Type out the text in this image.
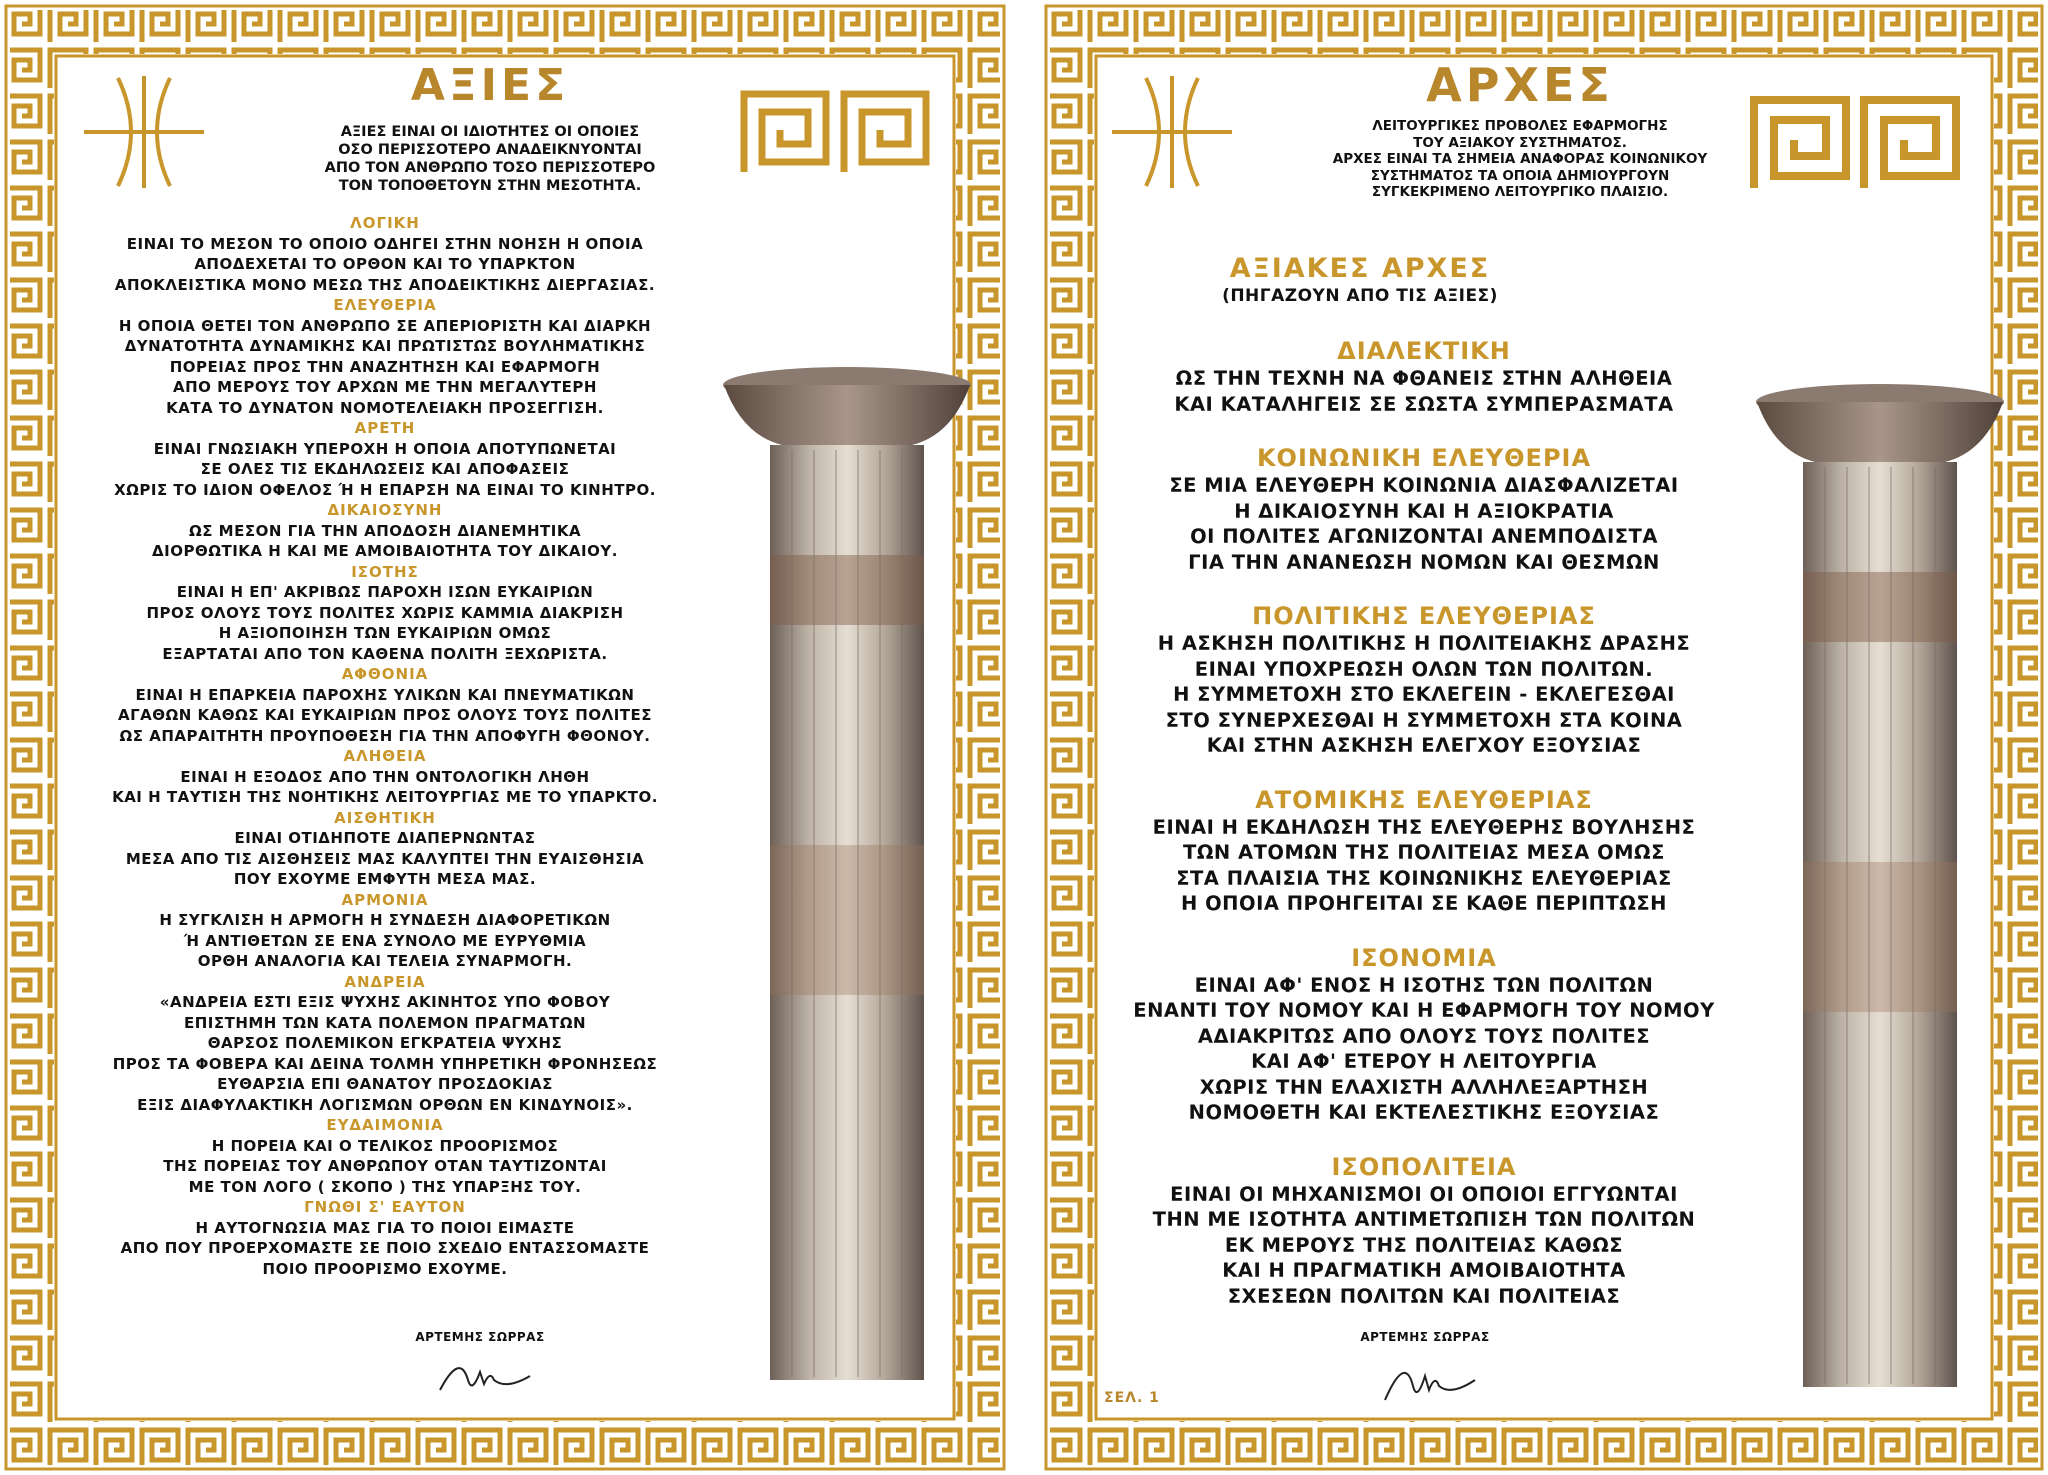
ΑΞΙΕΣ
ΑΞΙΕΣ ΕΙΝΑΙ ΟΙ ΙΔΙΟΤΗΤΕΣ ΟΙ ΟΠΟΙΕΣ
ΟΣΟ ΠΕΡΙΣΣΟΤΕΡΟ ΑΝΑΔΕΙΚΝΥΟΝΤΑΙ
ΑΠΟ ΤΟΝ ΑΝΘΡΩΠΟ ΤΟΣΟ ΠΕΡΙΣΣΟΤΕΡΟ
ΤΟΝ ΤΟΠΟΘΕΤΟΥΝ ΣΤΗΝ ΜΕΣΟΤΗΤΑ.
ΛΟΓΙΚΗ
ΕΙΝΑΙ ΤΟ ΜΕΣΟΝ ΤΟ ΟΠΟΙΟ ΟΔΗΓΕΙ ΣΤΗΝ ΝΟΗΣΗ Η ΟΠΟΙΑ
ΑΠΟΔΕΧΕΤΑΙ ΤΟ ΟΡΘΟΝ ΚΑΙ ΤΟ ΥΠΑΡΚΤΟΝ
ΑΠΟΚΛΕΙΣΤΙΚΑ ΜΟΝΟ ΜΕΣΩ ΤΗΣ ΑΠΟΔΕΙΚΤΙΚΗΣ ΔΙΕΡΓΑΣΙΑΣ.
ΕΛΕΥΘΕΡΙΑ
Η ΟΠΟΙΑ ΘΕΤΕΙ ΤΟΝ ΑΝΘΡΩΠΟ ΣΕ ΑΠΕΡΙΟΡΙΣΤΗ ΚΑΙ ΔΙΑΡΚΗ
ΔΥΝΑΤΟΤΗΤΑ ΔΥΝΑΜΙΚΗΣ ΚΑΙ ΠΡΩΤΙΣΤΩΣ ΒΟΥΛΗΜΑΤΙΚΗΣ
ΠΟΡΕΙΑΣ ΠΡΟΣ ΤΗΝ ΑΝΑΖΗΤΗΣΗ ΚΑΙ ΕΦΑΡΜΟΓΗ
ΑΠΟ ΜΕΡΟΥΣ ΤΟΥ ΑΡΧΩΝ ΜΕ ΤΗΝ ΜΕΓΑΛΥΤΕΡΗ
ΚΑΤΑ ΤΟ ΔΥΝΑΤΟΝ ΝΟΜΟΤΕΛΕΙΑΚΗ ΠΡΟΣΕΓΓΙΣΗ.
ΑΡΕΤΗ
ΕΙΝΑΙ ΓΝΩΣΙΑΚΗ ΥΠΕΡΟΧΗ Η ΟΠΟΙΑ ΑΠΟΤΥΠΩΝΕΤΑΙ
ΣΕ ΟΛΕΣ ΤΙΣ ΕΚΔΗΛΩΣΕΙΣ ΚΑΙ ΑΠΟΦΑΣΕΙΣ
ΧΩΡΙΣ ΤΟ ΙΔΙΟΝ ΟΦΕΛΟΣ Ή Η ΕΠΑΡΣΗ ΝΑ ΕΙΝΑΙ ΤΟ ΚΙΝΗΤΡΟ.
ΔΙΚΑΙΟΣΥΝΗ
ΩΣ ΜΕΣΟΝ ΓΙΑ ΤΗΝ ΑΠΟΔΟΣΗ ΔΙΑΝΕΜΗΤΙΚΑ
ΔΙΟΡΘΩΤΙΚΑ Η ΚΑΙ ΜΕ ΑΜΟΙΒΑΙΟΤΗΤΑ ΤΟΥ ΔΙΚΑΙΟΥ.
ΙΣΟΤΗΣ
ΕΙΝΑΙ Η ΕΠ' ΑΚΡΙΒΩΣ ΠΑΡΟΧΗ ΙΣΩΝ ΕΥΚΑΙΡΙΩΝ
ΠΡΟΣ ΟΛΟΥΣ ΤΟΥΣ ΠΟΛΙΤΕΣ ΧΩΡΙΣ ΚΑΜΜΙΑ ΔΙΑΚΡΙΣΗ
Η ΑΞΙΟΠΟΙΗΣΗ ΤΩΝ ΕΥΚΑΙΡΙΩΝ ΟΜΩΣ
ΕΞΑΡΤΑΤΑΙ ΑΠΟ ΤΟΝ ΚΑΘΕΝΑ ΠΟΛΙΤΗ ΞΕΧΩΡΙΣΤΑ.
ΑΦΘΟΝΙΑ
ΕΙΝΑΙ Η ΕΠΑΡΚΕΙΑ ΠΑΡΟΧΗΣ ΥΛΙΚΩΝ ΚΑΙ ΠΝΕΥΜΑΤΙΚΩΝ
ΑΓΑΘΩΝ ΚΑΘΩΣ ΚΑΙ ΕΥΚΑΙΡΙΩΝ ΠΡΟΣ ΟΛΟΥΣ ΤΟΥΣ ΠΟΛΙΤΕΣ
ΩΣ ΑΠΑΡΑΙΤΗΤΗ ΠΡΟΥΠΟΘΕΣΗ ΓΙΑ ΤΗΝ ΑΠΟΦΥΓΗ ΦΘΟΝΟΥ.
ΑΛΗΘΕΙΑ
ΕΙΝΑΙ Η ΕΞΟΔΟΣ ΑΠΟ ΤΗΝ ΟΝΤΟΛΟΓΙΚΗ ΛΗΘΗ
ΚΑΙ Η ΤΑΥΤΙΣΗ ΤΗΣ ΝΟΗΤΙΚΗΣ ΛΕΙΤΟΥΡΓΙΑΣ ΜΕ ΤΟ ΥΠΑΡΚΤΟ.
ΑΙΣΘΗΤΙΚΗ
ΕΙΝΑΙ ΟΤΙΔΗΠΟΤΕ ΔΙΑΠΕΡΝΩΝΤΑΣ
ΜΕΣΑ ΑΠΟ ΤΙΣ ΑΙΣΘΗΣΕΙΣ ΜΑΣ ΚΑΛΥΠΤΕΙ ΤΗΝ ΕΥΑΙΣΘΗΣΙΑ
ΠΟΥ ΕΧΟΥΜΕ ΕΜΦΥΤΗ ΜΕΣΑ ΜΑΣ.
ΑΡΜΟΝΙΑ
Η ΣΥΓΚΛΙΣΗ Η ΑΡΜΟΓΗ Η ΣΥΝΔΕΣΗ ΔΙΑΦΟΡΕΤΙΚΩΝ
Ή ΑΝΤΙΘΕΤΩΝ ΣΕ ΕΝΑ ΣΥΝΟΛΟ ΜΕ ΕΥΡΥΘΜΙΑ
ΟΡΘΗ ΑΝΑΛΟΓΙΑ ΚΑΙ ΤΕΛΕΙΑ ΣΥΝΑΡΜΟΓΗ.
ΑΝΔΡΕΙΑ
«ΑΝΔΡΕΙΑ ΕΣΤΙ ΕΞΙΣ ΨΥΧΗΣ ΑΚΙΝΗΤΟΣ ΥΠΟ ΦΟΒΟΥ
ΕΠΙΣΤΗΜΗ ΤΩΝ ΚΑΤΑ ΠΟΛΕΜΟΝ ΠΡΑΓΜΑΤΩΝ
ΘΑΡΣΟΣ ΠΟΛΕΜΙΚΟΝ ΕΓΚΡΑΤΕΙΑ ΨΥΧΗΣ
ΠΡΟΣ ΤΑ ΦΟΒΕΡΑ ΚΑΙ ΔΕΙΝΑ ΤΟΛΜΗ ΥΠΗΡΕΤΙΚΗ ΦΡΟΝΗΣΕΩΣ
ΕΥΘΑΡΣΙΑ ΕΠΙ ΘΑΝΑΤΟΥ ΠΡΟΣΔΟΚΙΑΣ
ΕΞΙΣ ΔΙΑΦΥΛΑΚΤΙΚΗ ΛΟΓΙΣΜΩΝ ΟΡΘΩΝ ΕΝ ΚΙΝΔΥΝΟΙΣ».
ΕΥΔΑΙΜΟΝΙΑ
Η ΠΟΡΕΙΑ ΚΑΙ Ο ΤΕΛΙΚΟΣ ΠΡΟΟΡΙΣΜΟΣ
ΤΗΣ ΠΟΡΕΙΑΣ ΤΟΥ ΑΝΘΡΩΠΟΥ ΟΤΑΝ ΤΑΥΤΙΖΟΝΤΑΙ
ΜΕ ΤΟΝ ΛΟΓΟ ( ΣΚΟΠΟ ) ΤΗΣ ΥΠΑΡΞΗΣ ΤΟΥ.
ΓΝΩΘΙ Σ' ΕΑΥΤΟΝ
Η ΑΥΤΟΓΝΩΣΙΑ ΜΑΣ ΓΙΑ ΤΟ ΠΟΙΟΙ ΕΙΜΑΣΤΕ
ΑΠΟ ΠΟΥ ΠΡΟΕΡΧΟΜΑΣΤΕ ΣΕ ΠΟΙΟ ΣΧΕΔΙΟ ΕΝΤΑΣΣΟΜΑΣΤΕ
ΠΟΙΟ ΠΡΟΟΡΙΣΜΟ ΕΧΟΥΜΕ.
ΑΡΤΕΜΗΣ ΣΩΡΡΑΣ
ΑΡΧΕΣ
ΛΕΙΤΟΥΡΓΙΚΕΣ ΠΡΟΒΟΛΕΣ ΕΦΑΡΜΟΓΗΣ
ΤΟΥ ΑΞΙΑΚΟΥ ΣΥΣΤΗΜΑΤΟΣ.
ΑΡΧΕΣ ΕΙΝΑΙ ΤΑ ΣΗΜΕΙΑ ΑΝΑΦΟΡΑΣ ΚΟΙΝΩΝΙΚΟΥ
ΣΥΣΤΗΜΑΤΟΣ ΤΑ ΟΠΟΙΑ ΔΗΜΙΟΥΡΓΟΥΝ
ΣΥΓΚΕΚΡΙΜΕΝΟ ΛΕΙΤΟΥΡΓΙΚΟ ΠΛΑΙΣΙΟ.
ΑΞΙΑΚΕΣ ΑΡΧΕΣ
(ΠΗΓΑΖΟΥΝ ΑΠΟ ΤΙΣ ΑΞΙΕΣ)
ΔΙΑΛΕΚΤΙΚΗ
ΩΣ ΤΗΝ ΤΕΧΝΗ ΝΑ ΦΘΑΝΕΙΣ ΣΤΗΝ ΑΛΗΘΕΙΑ
ΚΑΙ ΚΑΤΑΛΗΓΕΙΣ ΣΕ ΣΩΣΤΑ ΣΥΜΠΕΡΑΣΜΑΤΑ
ΚΟΙΝΩΝΙΚΗ ΕΛΕΥΘΕΡΙΑ
ΣΕ ΜΙΑ ΕΛΕΥΘΕΡΗ ΚΟΙΝΩΝΙΑ ΔΙΑΣΦΑΛΙΖΕΤΑΙ
Η ΔΙΚΑΙΟΣΥΝΗ ΚΑΙ Η ΑΞΙΟΚΡΑΤΙΑ
ΟΙ ΠΟΛΙΤΕΣ ΑΓΩΝΙΖΟΝΤΑΙ ΑΝΕΜΠΟΔΙΣΤΑ
ΓΙΑ ΤΗΝ ΑΝΑΝΕΩΣΗ ΝΟΜΩΝ ΚΑΙ ΘΕΣΜΩΝ
ΠΟΛΙΤΙΚΗΣ ΕΛΕΥΘΕΡΙΑΣ
Η ΑΣΚΗΣΗ ΠΟΛΙΤΙΚΗΣ Η ΠΟΛΙΤΕΙΑΚΗΣ ΔΡΑΣΗΣ
ΕΙΝΑΙ ΥΠΟΧΡΕΩΣΗ ΟΛΩΝ ΤΩΝ ΠΟΛΙΤΩΝ.
Η ΣΥΜΜΕΤΟΧΗ ΣΤΟ ΕΚΛΕΓΕΙΝ - ΕΚΛΕΓΕΣΘΑΙ
ΣΤΟ ΣΥΝΕΡΧΕΣΘΑΙ Η ΣΥΜΜΕΤΟΧΗ ΣΤΑ ΚΟΙΝΑ
ΚΑΙ ΣΤΗΝ ΑΣΚΗΣΗ ΕΛΕΓΧΟΥ ΕΞΟΥΣΙΑΣ
ΑΤΟΜΙΚΗΣ ΕΛΕΥΘΕΡΙΑΣ
ΕΙΝΑΙ Η ΕΚΔΗΛΩΣΗ ΤΗΣ ΕΛΕΥΘΕΡΗΣ ΒΟΥΛΗΣΗΣ
ΤΩΝ ΑΤΟΜΩΝ ΤΗΣ ΠΟΛΙΤΕΙΑΣ ΜΕΣΑ ΟΜΩΣ
ΣΤΑ ΠΛΑΙΣΙΑ ΤΗΣ ΚΟΙΝΩΝΙΚΗΣ ΕΛΕΥΘΕΡΙΑΣ
Η ΟΠΟΙΑ ΠΡΟΗΓΕΙΤΑΙ ΣΕ ΚΑΘΕ ΠΕΡΙΠΤΩΣΗ
ΙΣΟΝΟΜΙΑ
ΕΙΝΑΙ ΑΦ' ΕΝΟΣ Η ΙΣΟΤΗΣ ΤΩΝ ΠΟΛΙΤΩΝ
ΕΝΑΝΤΙ ΤΟΥ ΝΟΜΟΥ ΚΑΙ Η ΕΦΑΡΜΟΓΗ ΤΟΥ ΝΟΜΟΥ
ΑΔΙΑΚΡΙΤΩΣ ΑΠΟ ΟΛΟΥΣ ΤΟΥΣ ΠΟΛΙΤΕΣ
ΚΑΙ ΑΦ' ΕΤΕΡΟΥ Η ΛΕΙΤΟΥΡΓΙΑ
ΧΩΡΙΣ ΤΗΝ ΕΛΑΧΙΣΤΗ ΑΛΛΗΛΕΞΑΡΤΗΣΗ
ΝΟΜΟΘΕΤΗ ΚΑΙ ΕΚΤΕΛΕΣΤΙΚΗΣ ΕΞΟΥΣΙΑΣ
ΙΣΟΠΟΛΙΤΕΙΑ
ΕΙΝΑΙ ΟΙ ΜΗΧΑΝΙΣΜΟΙ ΟΙ ΟΠΟΙΟΙ ΕΓΓΥΩΝΤΑΙ
ΤΗΝ ΜΕ ΙΣΟΤΗΤΑ ΑΝΤΙΜΕΤΩΠΙΣΗ ΤΩΝ ΠΟΛΙΤΩΝ
ΕΚ ΜΕΡΟΥΣ ΤΗΣ ΠΟΛΙΤΕΙΑΣ ΚΑΘΩΣ
ΚΑΙ Η ΠΡΑΓΜΑΤΙΚΗ ΑΜΟΙΒΑΙΟΤΗΤΑ
ΣΧΕΣΕΩΝ ΠΟΛΙΤΩΝ ΚΑΙ ΠΟΛΙΤΕΙΑΣ
ΑΡΤΕΜΗΣ ΣΩΡΡΑΣ
ΣΕΛ. 1
